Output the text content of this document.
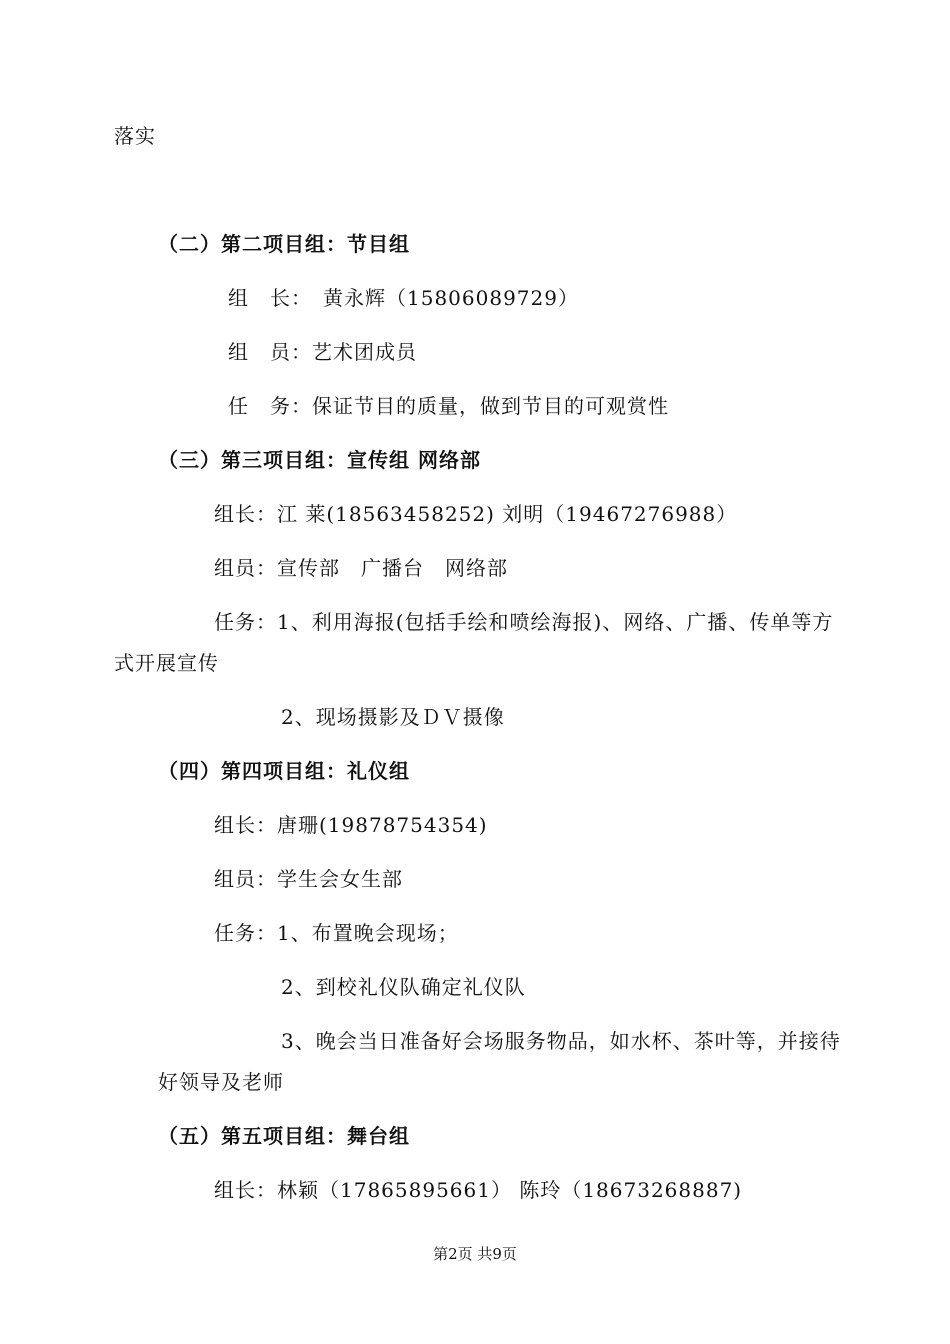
落实
（二）第二项目组：节目组
组　长：　黄永辉（15806089729）
组　员：艺术团成员
任　务：保证节目的质量，做到节目的可观赏性
（三）第三项目组：宣传组 网络部
组长：江 莱(18563458252) 刘明（19467276988）
组员：宣传部　广播台　网络部
任务：1、利用海报(包括手绘和喷绘海报)、网络、广播、传单等方
式开展宣传
2、现场摄影及ＤＶ摄像
（四）第四项目组：礼仪组
组长：唐珊(19878754354)
组员：学生会女生部
任务：1、布置晚会现场；
2、到校礼仪队确定礼仪队
3、晚会当日准备好会场服务物品，如水杯、茶叶等，并接待
好领导及老师
（五）第五项目组：舞台组
组长：林颖（17865895661） 陈玲（18673268887)
第2页 共9页
